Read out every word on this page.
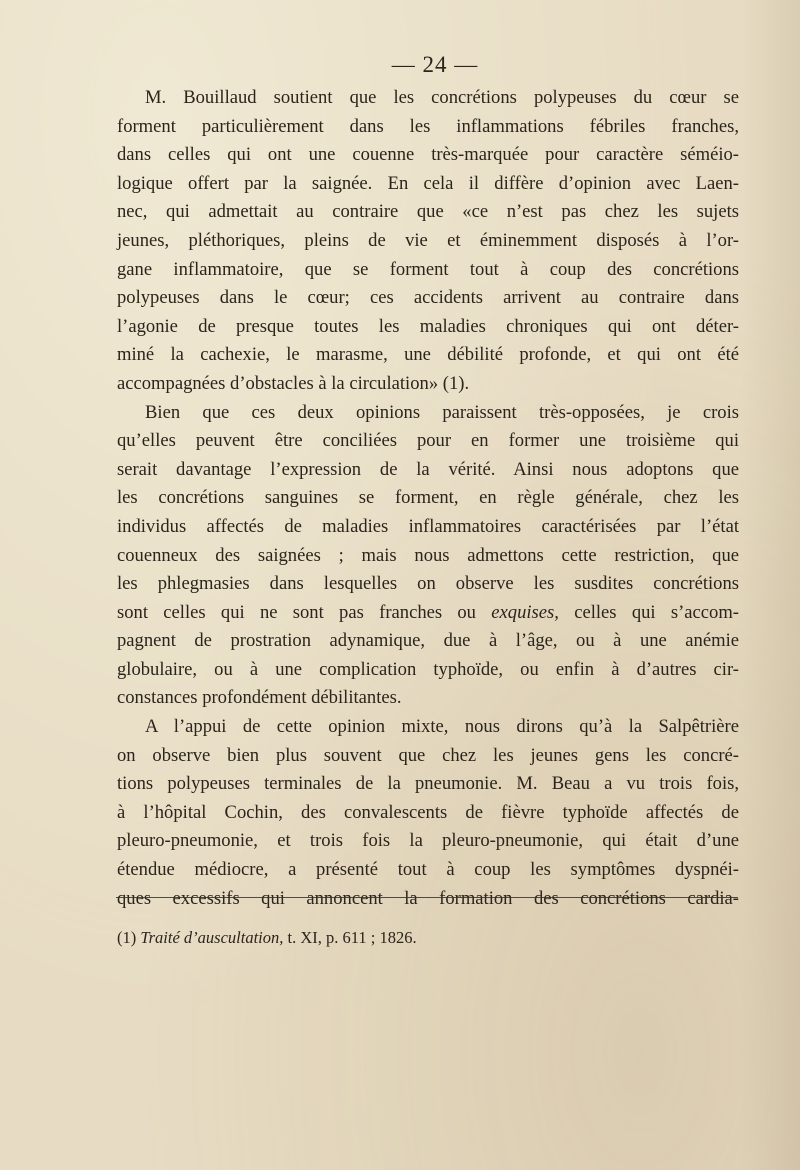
— 24 —
M. Bouillaud soutient que les concrétions polypeuses du cœur se
forment particulièrement dans les inflammations fébriles franches,
dans celles qui ont une couenne très-marquée pour caractère séméio-
logique offert par la saignée. En cela il diffère d’opinion avec Laen-
nec, qui admettait au contraire que «ce n’est pas chez les sujets
jeunes, pléthoriques, pleins de vie et éminemment disposés à l’or-
gane inflammatoire, que se forment tout à coup des concrétions
polypeuses dans le cœur; ces accidents arrivent au contraire dans
l’agonie de presque toutes les maladies chroniques qui ont déter-
miné la cachexie, le marasme, une débilité profonde, et qui ont été
accompagnées d’obstacles à la circulation» (1).
Bien que ces deux opinions paraissent très-opposées, je crois
qu’elles peuvent être conciliées pour en former une troisième qui
serait davantage l’expression de la vérité. Ainsi nous adoptons que
les concrétions sanguines se forment, en règle générale, chez les
individus affectés de maladies inflammatoires caractérisées par l’état
couenneux des saignées ; mais nous admettons cette restriction, que
les phlegmasies dans lesquelles on observe les susdites concrétions
sont celles qui ne sont pas franches ou exquises, celles qui s’accom-
pagnent de prostration adynamique, due à l’âge, ou à une anémie
globulaire, ou à une complication typhoïde, ou enfin à d’autres cir-
constances profondément débilitantes.
A l’appui de cette opinion mixte, nous dirons qu’à la Salpêtrière
on observe bien plus souvent que chez les jeunes gens les concré-
tions polypeuses terminales de la pneumonie. M. Beau a vu trois fois,
à l’hôpital Cochin, des convalescents de fièvre typhoïde affectés de
pleuro-pneumonie, et trois fois la pleuro-pneumonie, qui était d’une
étendue médiocre, a présenté tout à coup les symptômes dyspnéi-
ques excessifs qui annoncent la formation des concrétions cardia-
(1) Traité d’auscultation, t. XI, p. 611 ; 1826.
